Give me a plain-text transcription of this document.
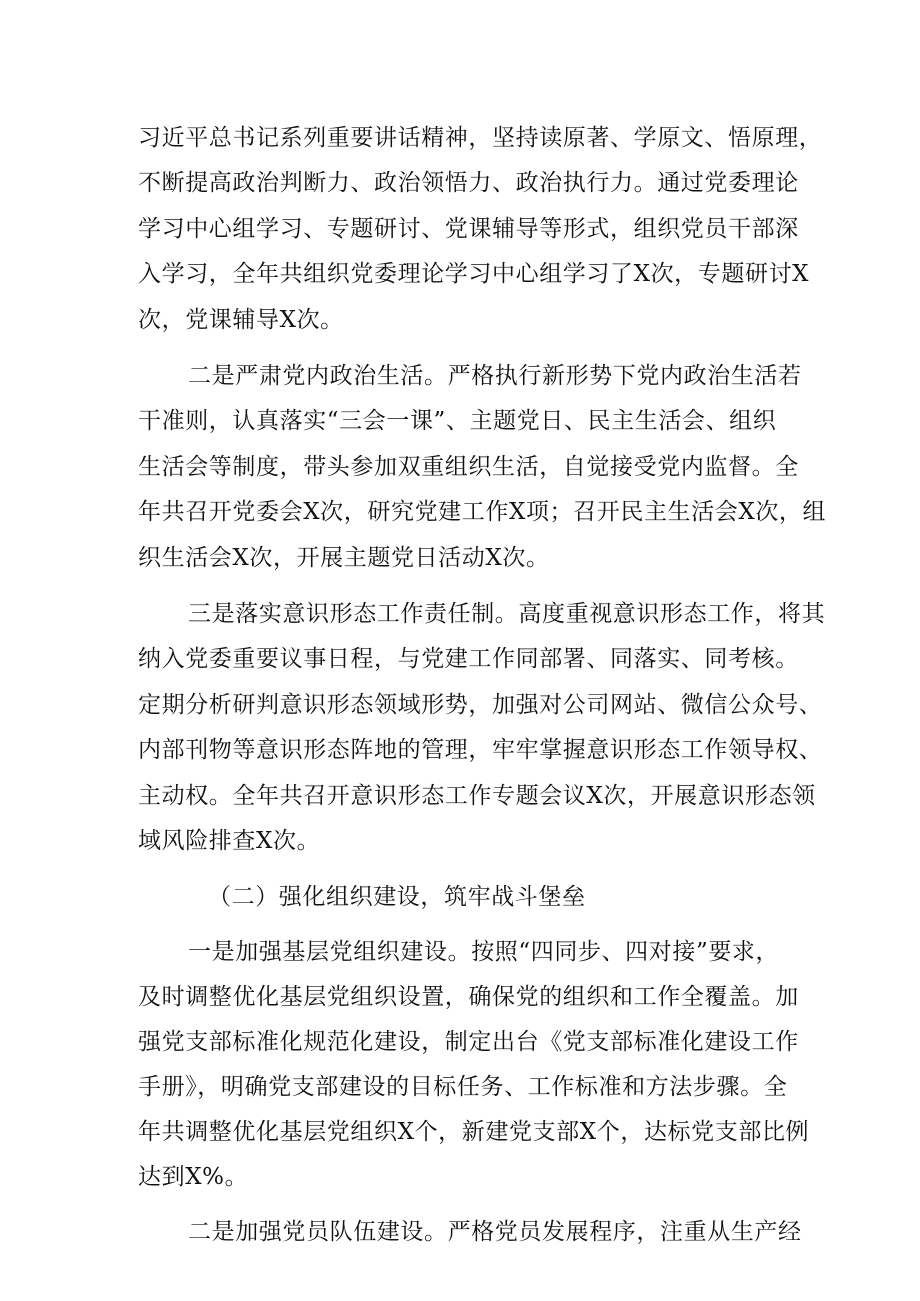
习近平总书记系列重要讲话精神，坚持读原著、学原文、悟原理，
不断提高政治判断力、政治领悟力、政治执行力。通过党委理论
学习中心组学习、专题研讨、党课辅导等形式，组织党员干部深
入学习，全年共组织党委理论学习中心组学习了X次，专题研讨X
次，党课辅导X次。
二是严肃党内政治生活。严格执行新形势下党内政治生活若
干准则，认真落实“三会一课”、主题党日、民主生活会、组织
生活会等制度，带头参加双重组织生活，自觉接受党内监督。全
年共召开党委会X次，研究党建工作X项；召开民主生活会X次，组
织生活会X次，开展主题党日活动X次。
三是落实意识形态工作责任制。高度重视意识形态工作，将其
纳入党委重要议事日程，与党建工作同部署、同落实、同考核。
定期分析研判意识形态领域形势，加强对公司网站、微信公众号、
内部刊物等意识形态阵地的管理，牢牢掌握意识形态工作领导权、
主动权。全年共召开意识形态工作专题会议X次，开展意识形态领
域风险排查X次。
（二）强化组织建设，筑牢战斗堡垒
一是加强基层党组织建设。按照“四同步、四对接”要求，
及时调整优化基层党组织设置，确保党的组织和工作全覆盖。加
强党支部标准化规范化建设，制定出台《党支部标准化建设工作
手册》，明确党支部建设的目标任务、工作标准和方法步骤。全
年共调整优化基层党组织X个，新建党支部X个，达标党支部比例
达到X%。
二是加强党员队伍建设。严格党员发展程序，注重从生产经
